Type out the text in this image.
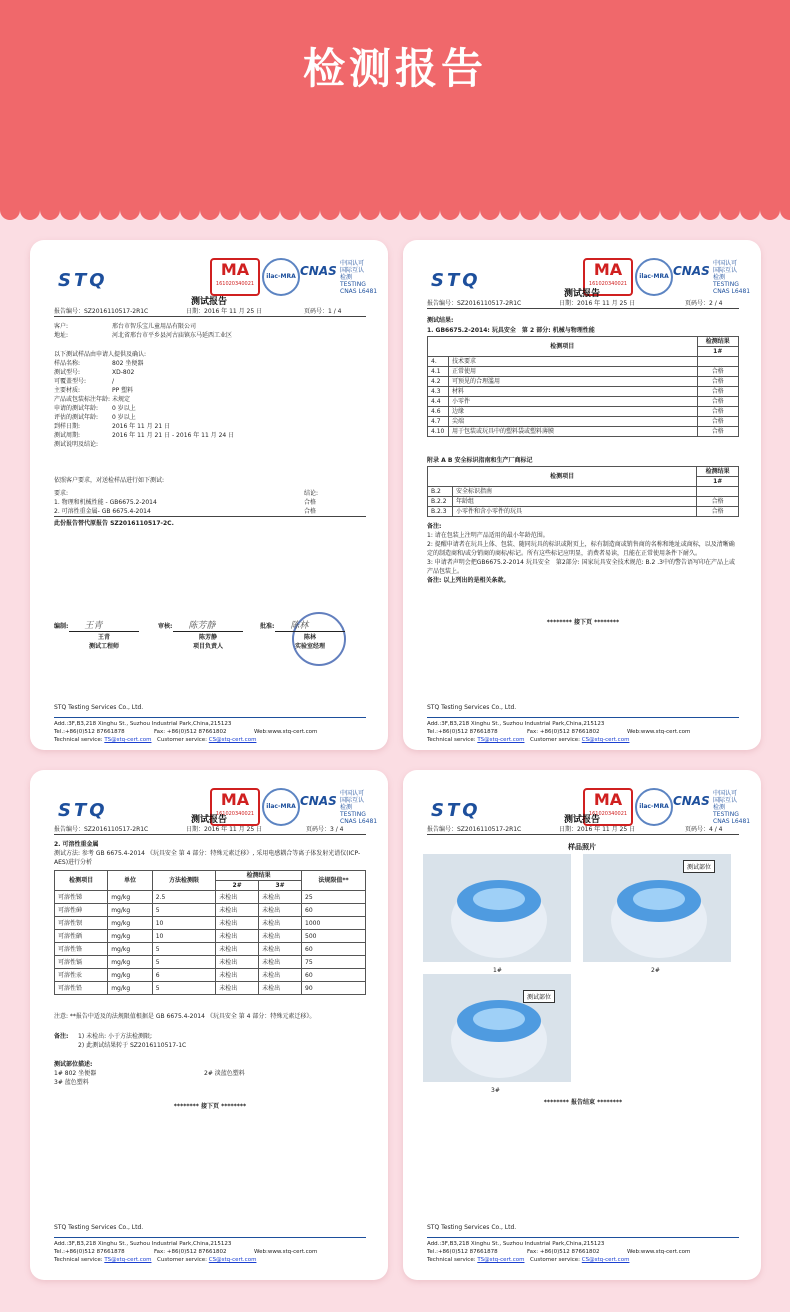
检测报告
STQ
MA
161020340021
ilac-MRA CNAS
中国认可
国际互认
检测
TESTING
CNAS L6481
测试报告
报告编号：SZ2016110517-2R1C	日期：2016 年 11 月 25 日	页码号：1 / 4
客户:	邢台市智乐宝儿童用品有限公司
地址:	河北省邢台市平乡县河古庙镇东马延西工业区
以下测试样品由申请人提供及确认:
样品名称:	802 坐便器
测试型号:	XD-802
可覆盖型号:	/
主要材质:	PP 塑料
产品或包装标注年龄: 未规定
申请的测试年龄:	0 岁以上
评估的测试年龄:	0 岁以上
到样日期:	2016 年 11 月 21 日
测试周期:	2016 年 11 月 21 日 - 2016 年 11 月 24 日
测试说明及结论:
依照客户要求，对送检样品进行如下测试:
要求:	结论:
1. 物理和机械性能 - GB6675.2-2014	合格
2. 可溶性重金属- GB 6675.4-2014	合格
此份报告替代原报告 SZ2016110517-2C.
编制: 王青
王青
测试工程师
审核: 陈芳静
陈芳静
项目负责人
批准: 陈林
陈林
实验室经理
STQ Testing Services Co., Ltd.
Add.:3F,B3,218 Xinghu St., Suzhou Industrial Park,China,215123
Tel.:+86(0)512 87661878	Fax: +86(0)512 87661802	Web:www.stq-cert.com
Technical service: TS@stq-cert.com　 Customer service: CS@stq-cert.com
STQ
MA
161020340021
ilac-MRA CNAS
中国认可
国际互认
检测
TESTING
CNAS L6481
测试报告
报告编号：SZ2016110517-2R1C	日期：2016 年 11 月 25 日	页码号：2 / 4
测试结果:
1. GB6675.2-2014: 玩具安全　第 2 部分: 机械与物理性能
检测项目		检测结果
		1#
4.	技术要求	
4.1	正常使用	合格
4.2	可预见的合理滥用	合格
4.3	材料	合格
4.4	小零件	合格
4.6	边缘	合格
4.7	尖端	合格
4.10	用于包装或玩具中的塑料袋或塑料薄膜	合格
附录 A B 安全标识指南和生产厂商标记
检测项目		检测结果
		1#
B.2	安全标识指南	
B.2.2	年龄组	合格
B.2.3	小零件和含小零件的玩具	合格
备注:
1: 请在包装上注明产品适用的最小年龄范围。
2: 提醒申请者在玩具上体、包装、随同玩具的标识或附页上，标有制造商或销售商的名称和地址或商标，以及清晰确定的制造商和/或分销商的商标/标记。所有这些标记应明显，消费者易读，且能在正常使用条件下耐久。
3: 申请者声明会把GB6675.2-2014 玩具安全　第2部分: 国家玩具安全技术规范: B.2 .3中的警告语写印在产品上或产品包装上。
备注: 以上列出的是相关条款。
******** 接下页 ********
STQ Testing Services Co., Ltd.
Add.:3F,B3,218 Xinghu St., Suzhou Industrial Park,China,215123
Tel.:+86(0)512 87661878	Fax: +86(0)512 87661802	Web:www.stq-cert.com
Technical service: TS@stq-cert.com　 Customer service: CS@stq-cert.com
STQ
MA
161020340021
ilac-MRA CNAS
中国认可
国际互认
检测
TESTING
CNAS L6481
测试报告
报告编号：SZ2016110517-2R1C	日期：2016 年 11 月 25 日	页码号：3 / 4
2. 可溶性重金属
测试方法: 参考 GB 6675.4-2014 《玩具安全 第 4 部分：特殊元素迁移》, 采用电感耦合等离子体发射光谱仪(ICP-AES)进行分析
检测项目	单位	方法检测限	检测结果		法规限值**
			2#	3#	
可溶性锑	mg/kg	2.5	未检出	未检出	25
可溶性砷	mg/kg	5	未检出	未检出	60
可溶性钡	mg/kg	10	未检出	未检出	1000
可溶性硒	mg/kg	10	未检出	未检出	500
可溶性铬	mg/kg	5	未检出	未检出	60
可溶性镉	mg/kg	5	未检出	未检出	75
可溶性汞	mg/kg	6	未检出	未检出	60
可溶性铅	mg/kg	5	未检出	未检出	90
注意: **报告中适及的法规限值根据是 GB 6675.4-2014 《玩具安全 第 4 部分：特殊元素迁移》。
备注:	1) 未检出: 小于方法检测限;
2) 此测试结果转于 SZ2016110517-1C
测试部位描述:
1# 802 坐便器	2# 淡蓝色塑料
3# 蓝色塑料
******** 接下页 ********
STQ Testing Services Co., Ltd.
Add.:3F,B3,218 Xinghu St., Suzhou Industrial Park,China,215123
Tel.:+86(0)512 87661878	Fax: +86(0)512 87661802	Web:www.stq-cert.com
Technical service: TS@stq-cert.com　 Customer service: CS@stq-cert.com
STQ
MA
161020340021
ilac-MRA CNAS
中国认可
国际互认
检测
TESTING
CNAS L6481
测试报告
报告编号：SZ2016110517-2R1C	日期：2016 年 11 月 25 日	页码号：4 / 4
样品照片
1#
测试部位
2#
测试部位
3#
******** 报告结束 ********
STQ Testing Services Co., Ltd.
Add.:3F,B3,218 Xinghu St., Suzhou Industrial Park,China,215123
Tel.:+86(0)512 87661878	Fax: +86(0)512 87661802	Web:www.stq-cert.com
Technical service: TS@stq-cert.com　 Customer service: CS@stq-cert.com
